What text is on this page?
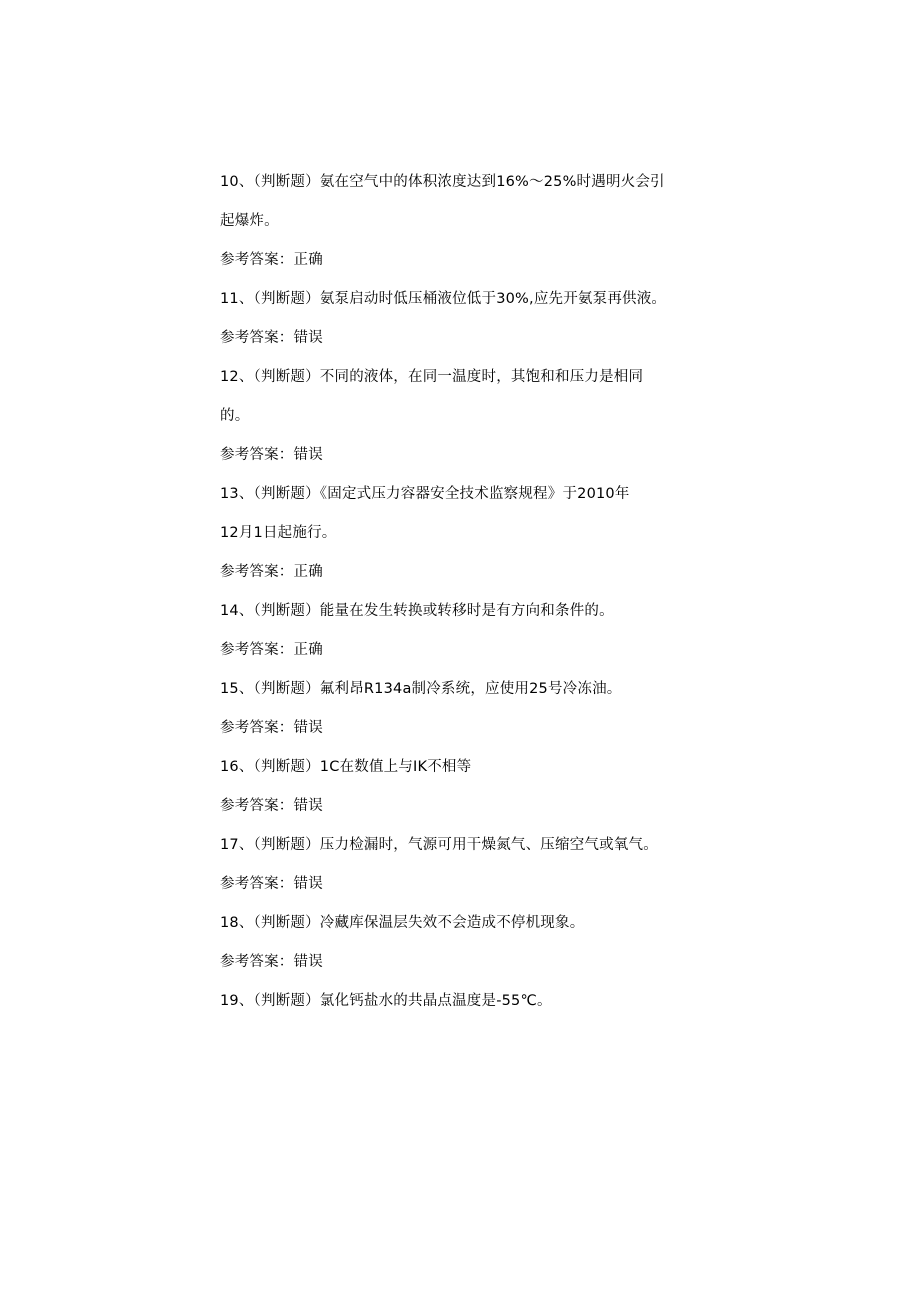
10、（判断题）氨在空气中的体积浓度达到16%～25%时遇明火会引
起爆炸。
参考答案：正确
11、（判断题）氨泵启动时低压桶液位低于30%,应先开氨泵再供液。
参考答案：错误
12、（判断题）不同的液体，在同一温度时，其饱和和压力是相同
的。
参考答案：错误
13、（判断题）《固定式压力容器安全技术监察规程》于2010年
12月1日起施行。
参考答案：正确
14、（判断题）能量在发生转换或转移时是有方向和条件的。
参考答案：正确
15、（判断题）氟利昂R134a制冷系统，应使用25号冷冻油。
参考答案：错误
16、（判断题）1C在数值上与IK不相等
参考答案：错误
17、（判断题）压力检漏时，气源可用干燥氮气、压缩空气或氧气。
参考答案：错误
18、（判断题）冷藏库保温层失效不会造成不停机现象。
参考答案：错误
19、（判断题）氯化钙盐水的共晶点温度是-55℃。
